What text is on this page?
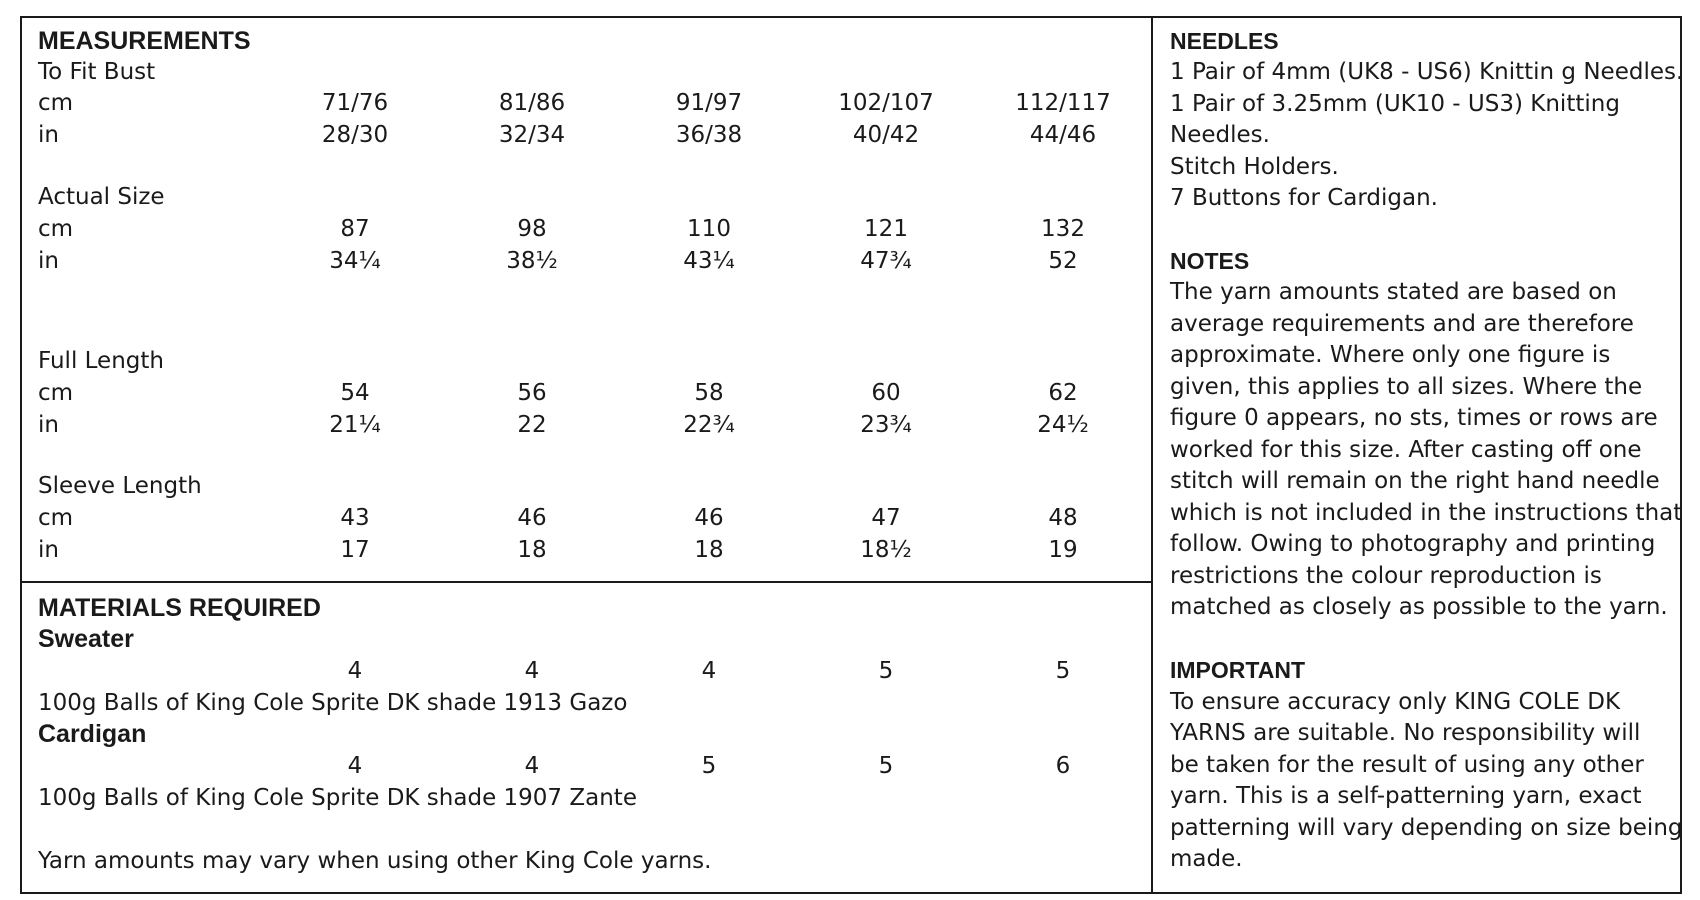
MEASUREMENTS
To Fit Bust
cm	71/76	81/86	91/97	102/107	112/117
in	28/30	32/34	36/38	40/42	44/46
Actual Size
cm	87	98	110	121	132
in	34¼	38½	43¼	47¾	52
Full Length
cm	54	56	58	60	62
in	21¼	22	22¾	23¾	24½
Sleeve Length
cm	43	46	46	47	48
in	17	18	18	18½	19
MATERIALS REQUIRED
Sweater
4	4	4	5	5
100g Balls of King Cole Sprite DK shade 1913 Gazo
Cardigan
4	4	5	5	6
100g Balls of King Cole Sprite DK shade 1907 Zante
Yarn amounts may vary when using other King Cole yarns.
NEEDLES
1 Pair of 4mm (UK8 - US6) Knittin g Needles.
1 Pair of 3.25mm (UK10 - US3) Knitting
Needles.
Stitch Holders.
7 Buttons for Cardigan.
NOTES
The yarn amounts stated are based on
average requirements and are therefore
approximate. Where only one figure is
given, this applies to all sizes. Where the
figure 0 appears, no sts, times or rows are
worked for this size. After casting off one
stitch will remain on the right hand needle
which is not included in the instructions that
follow. Owing to photography and printing
restrictions the colour reproduction is
matched as closely as possible to the yarn.
IMPORTANT
To ensure accuracy only KING COLE DK
YARNS are suitable. No responsibility will
be taken for the result of using any other
yarn. This is a self-patterning yarn, exact
patterning will vary depending on size being
made.
